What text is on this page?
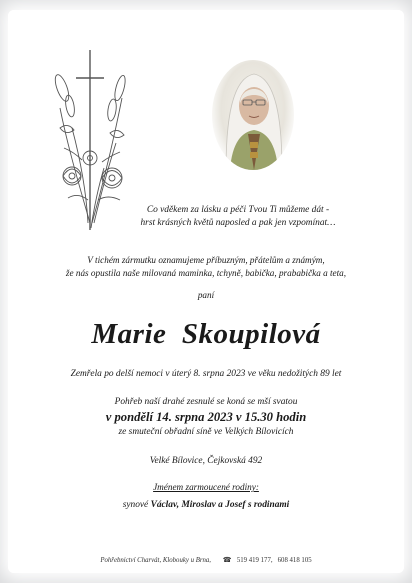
Co vděkem za lásku a péči Tvou Ti můžeme dát -
hrst krásných květů naposled a pak jen vzpomínat…
V tichém zármutku oznamujeme příbuzným, přátelům a známým,
že nás opustila naše milovaná maminka, tchyně, babička, prababička a teta,
paní
Marie  Skoupilová
Zemřela po delší nemoci v úterý 8. srpna 2023 ve věku nedožitých 89 let
Pohřeb naší drahé zesnulé se koná se mší svatou
v pondělí 14. srpna 2023 v 15.30 hodin
ze smuteční obřadní síně ve Velkých Bílovicích
Velké Bílovice, Čejkovská 492
Jménem zarmoucené rodiny:
synové Václav, Miroslav a Josef s rodinami
Pohřebnictví Charvát, Klobouky u Brna, ☎ 519 419 177,   608 418 105
